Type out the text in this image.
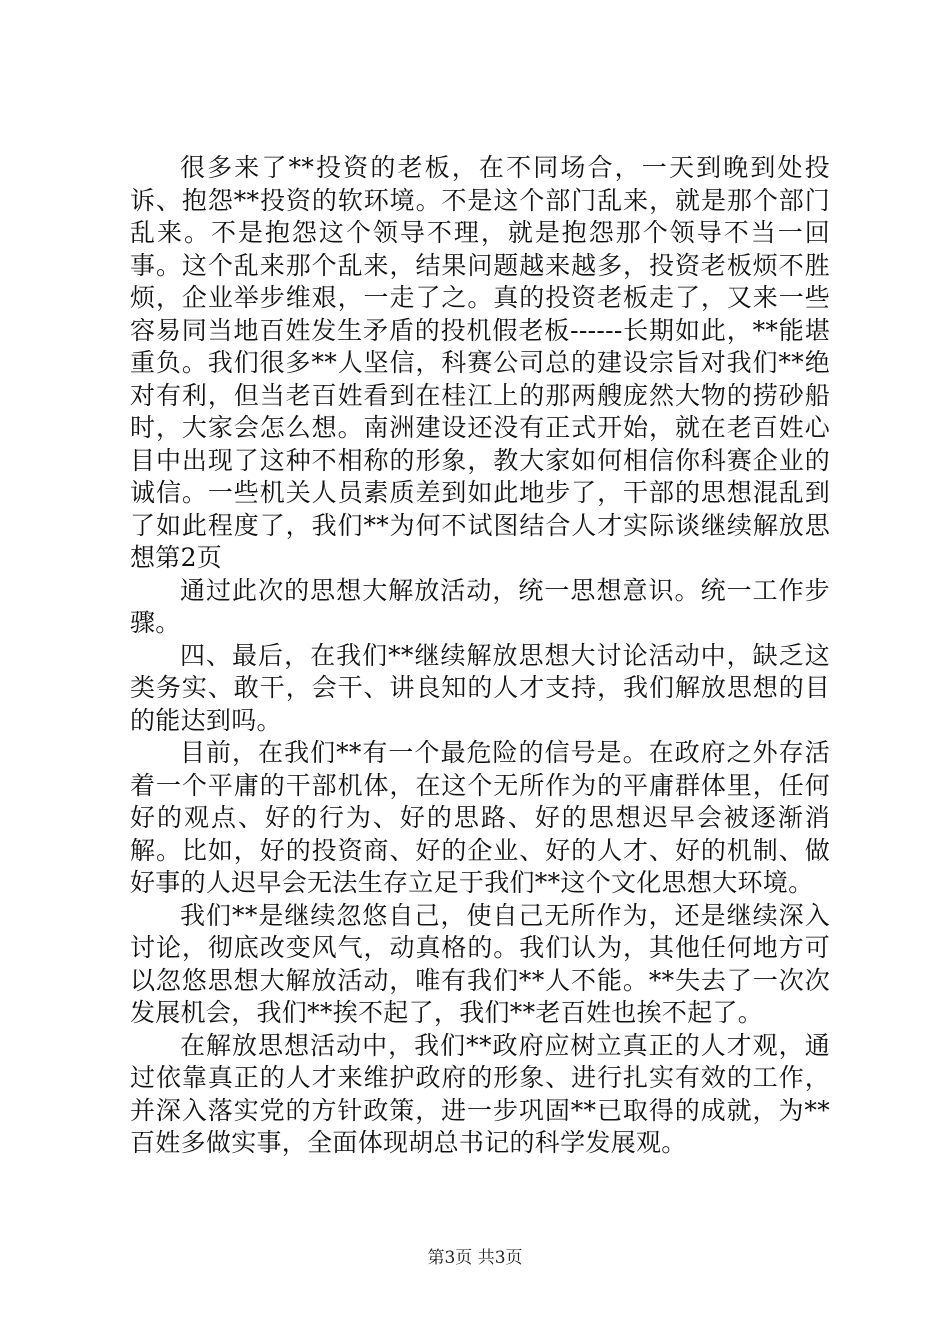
很多来了**投资的老板，在不同场合，一天到晚到处投诉、抱怨**投资的软环境。不是这个部门乱来，就是那个部门乱来。不是抱怨这个领导不理，就是抱怨那个领导不当一回事。这个乱来那个乱来，结果问题越来越多，投资老板烦不胜烦，企业举步维艰，一走了之。真的投资老板走了，又来一些容易同当地百姓发生矛盾的投机假老板------长期如此，**能堪重负。我们很多**人坚信，科赛公司总的建设宗旨对我们**绝对有利，但当老百姓看到在桂江上的那两艘庞然大物的捞砂船时，大家会怎么想。南洲建设还没有正式开始，就在老百姓心目中出现了这种不相称的形象，教大家如何相信你科赛企业的诚信。一些机关人员素质差到如此地步了，干部的思想混乱到了如此程度了，我们**为何不试图结合人才实际谈继续解放思想第2页

通过此次的思想大解放活动，统一思想意识。统一工作步骤。

四、最后，在我们**继续解放思想大讨论活动中，缺乏这类务实、敢干，会干、讲良知的人才支持，我们解放思想的目的能达到吗。

目前，在我们**有一个最危险的信号是。在政府之外存活着一个平庸的干部机体，在这个无所作为的平庸群体里，任何好的观点、好的行为、好的思路、好的思想迟早会被逐渐消解。比如，好的投资商、好的企业、好的人才、好的机制、做好事的人迟早会无法生存立足于我们**这个文化思想大环境。

我们**是继续忽悠自己，使自己无所作为，还是继续深入讨论，彻底改变风气，动真格的。我们认为，其他任何地方可以忽悠思想大解放活动，唯有我们**人不能。**失去了一次次发展机会，我们**挨不起了，我们**老百姓也挨不起了。

在解放思想活动中，我们**政府应树立真正的人才观，通过依靠真正的人才来维护政府的形象、进行扎实有效的工作，并深入落实党的方针政策，进一步巩固**已取得的成就，为**百姓多做实事，全面体现胡总书记的科学发展观。

第3页 共3页
